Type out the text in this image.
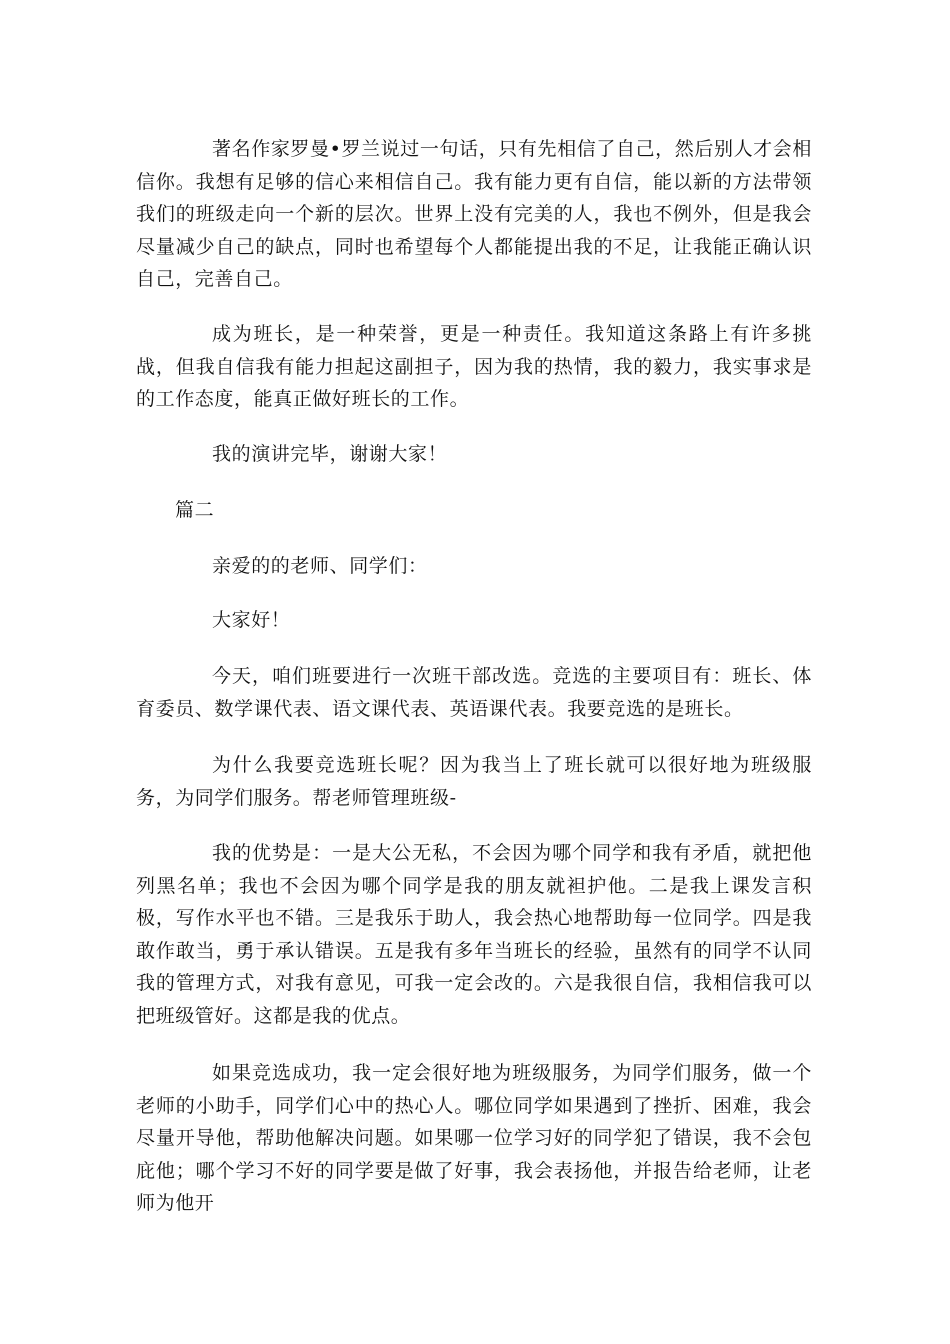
著名作家罗曼•罗兰说过一句话，只有先相信了自己，然后别人才会相信你。我想有足够的信心来相信自己。我有能力更有自信，能以新的方法带领我们的班级走向一个新的层次。世界上没有完美的人，我也不例外，但是我会尽量减少自己的缺点，同时也希望每个人都能提出我的不足，让我能正确认识自己，完善自己。

成为班长，是一种荣誉，更是一种责任。我知道这条路上有许多挑战，但我自信我有能力担起这副担子，因为我的热情，我的毅力，我实事求是的工作态度，能真正做好班长的工作。

我的演讲完毕，谢谢大家！

篇二

亲爱的的老师、同学们：

大家好！

今天，咱们班要进行一次班干部改选。竞选的主要项目有：班长、体育委员、数学课代表、语文课代表、英语课代表。我要竞选的是班长。

为什么我要竞选班长呢？因为我当上了班长就可以很好地为班级服务，为同学们服务。帮老师管理班级-

我的优势是：一是大公无私，不会因为哪个同学和我有矛盾，就把他列黑名单；我也不会因为哪个同学是我的朋友就袒护他。二是我上课发言积极，写作水平也不错。三是我乐于助人，我会热心地帮助每一位同学。四是我敢作敢当，勇于承认错误。五是我有多年当班长的经验，虽然有的同学不认同我的管理方式，对我有意见，可我一定会改的。六是我很自信，我相信我可以把班级管好。这都是我的优点。

如果竞选成功，我一定会很好地为班级服务，为同学们服务，做一个老师的小助手，同学们心中的热心人。哪位同学如果遇到了挫折、困难，我会尽量开导他，帮助他解决问题。如果哪一位学习好的同学犯了错误，我不会包庇他；哪个学习不好的同学要是做了好事，我会表扬他，并报告给老师，让老师为他开
